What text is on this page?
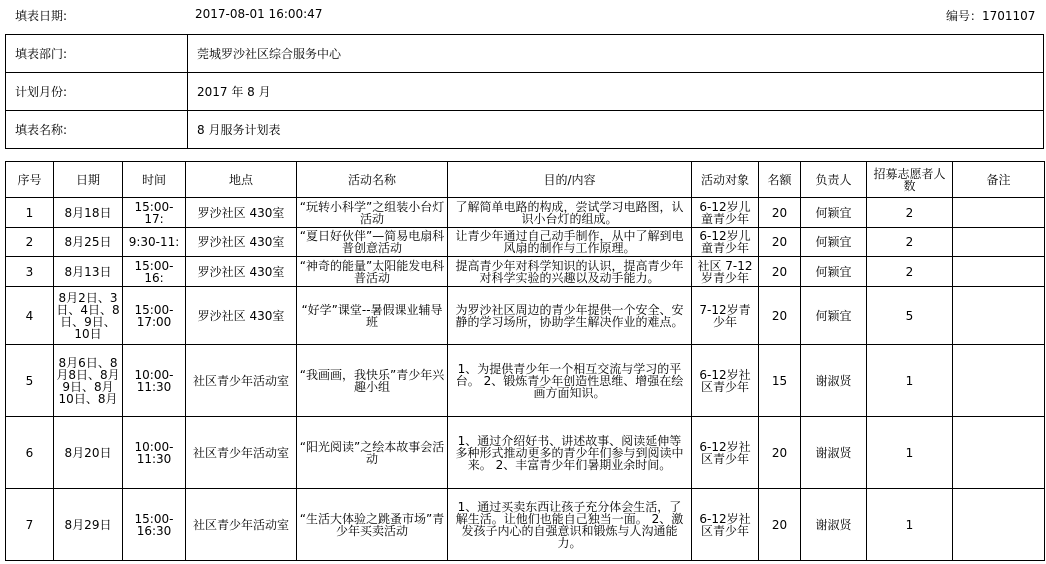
填表日期:	2017-08-01 16:00:47	编号：1701107
填表部门:	莞城罗沙社区综合服务中心
计划月份:	2017 年 8 月
填表名称:	8 月服务计划表
序号	日期	时间	地点	活动名称	目的/内容	活动对象	名额	负责人	招募志愿者人数	备注
1	8月18日	15:00-17:	罗沙社区 430室	“玩转小科学”之组装小台灯活动	了解简单电路的构成，尝试学习电路图，认识小台灯的组成。	6-12岁儿童青少年	20	何颖宜	2	
2	8月25日	9:30-11:	罗沙社区 430室	“夏日好伙伴”—简易电扇科普创意活动	让青少年通过自己动手制作，从中了解到电风扇的制作与工作原理。	6-12岁儿童青少年	20	何颖宜	2	
3	8月13日	15:00-16:	罗沙社区 430室	“神奇的能量”太阳能发电科普活动	提高青少年对科学知识的认识，提高青少年对科学实验的兴趣以及动手能力。	社区 7-12岁青少年	20	何颖宜	2	
4	8月2日、3日、4日、8日、9日、10日	15:00-17:00	罗沙社区 430室	“好学”课堂--暑假课业辅导班	为罗沙社区周边的青少年提供一个安全、安静的学习场所，协助学生解决作业的难点。	7-12岁青少年	20	何颖宜	5	
5	8月6日、8月8日、8月9日、8月10日、8月	10:00-11:30	社区青少年活动室	“我画画，我快乐”青少年兴趣小组	1、为提供青少年一个相互交流与学习的平台。 2、锻炼青少年创造性思维、增强在绘画方面知识。	6-12岁社区青少年	15	谢淑贤	1	
6	8月20日	10:00-11:30	社区青少年活动室	“阳光阅读”之绘本故事会活动	1、通过介绍好书、讲述故事、阅读延伸等多种形式推动更多的青少年们参与到阅读中来。 2、丰富青少年们暑期业余时间。	6-12岁社区青少年	20	谢淑贤	1	
7	8月29日	15:00-16:30	社区青少年活动室	“生活大体验之跳蚤市场”青少年买卖活动	1、通过买卖东西让孩子充分体会生活，了解生活。让他们也能自己独当一面。 2、激发孩子内心的自强意识和锻炼与人沟通能力。	6-12岁社区青少年	20	谢淑贤	1	
